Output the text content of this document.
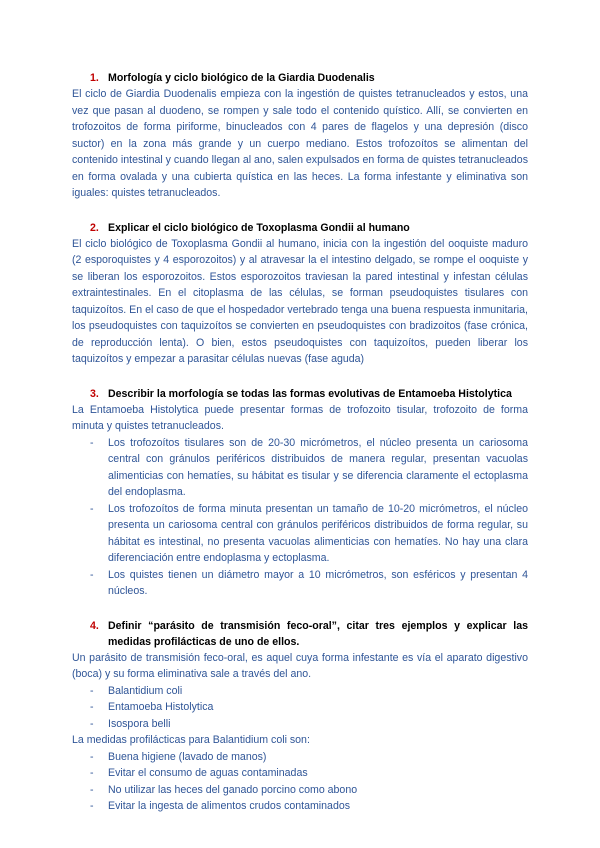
1. Morfología y ciclo biológico de la Giardia Duodenalis

El ciclo de Giardia Duodenalis empieza con la ingestión de quistes tetranucleados y estos, una vez que pasan al duodeno, se rompen y sale todo el contenido quístico. Allí, se convierten en trofozoitos de forma piriforme, binucleados con 4 pares de flagelos y una depresión (disco suctor) en la zona más grande y un cuerpo mediano. Estos trofozoítos se alimentan del contenido intestinal y cuando llegan al ano, salen expulsados en forma de quistes tetranucleados en forma ovalada y una cubierta quística en las heces. La forma infestante y eliminativa son iguales: quistes tetranucleados.

2. Explicar el ciclo biológico de Toxoplasma Gondii al humano

El ciclo biológico de Toxoplasma Gondii al humano, inicia con la ingestión del ooquiste maduro (2 esporoquistes y 4 esporozoitos) y al atravesar la el intestino delgado, se rompe el ooquiste y se liberan los esporozoitos. Estos esporozoitos traviesan la pared intestinal y infestan células extraintestinales. En el citoplasma de las células, se forman pseudoquistes tisulares con taquizoítos. En el caso de que el hospedador vertebrado tenga una buena respuesta inmunitaria, los pseudoquistes con taquizoítos se convierten en pseudoquistes con bradizoitos (fase crónica, de reproducción lenta). O bien, estos pseudoquistes con taquizoítos, pueden liberar los taquizoítos y empezar a parasitar células nuevas (fase aguda)

3. Describir la morfología se todas las formas evolutivas de Entamoeba Histolytica

La Entamoeba Histolytica puede presentar formas de trofozoito tisular, trofozoito de forma minuta y quistes tetranucleados.

- Los trofozoítos tisulares son de 20-30 micrómetros, el núcleo presenta un cariosoma central con gránulos periféricos distribuidos de manera regular, presentan vacuolas alimenticias con hematíes, su hábitat es tisular y se diferencia claramente el ectoplasma del endoplasma.
- Los trofozoítos de forma minuta presentan un tamaño de 10-20 micrómetros, el núcleo presenta un cariosoma central con gránulos periféricos distribuidos de forma regular, su hábitat es intestinal, no presenta vacuolas alimenticias con hematíes. No hay una clara diferenciación entre endoplasma y ectoplasma.
- Los quistes tienen un diámetro mayor a 10 micrómetros, son esféricos y presentan 4 núcleos.
4. Definir “parásito de transmisión feco-oral”, citar tres ejemplos y explicar las medidas profilácticas de uno de ellos.

Un parásito de transmisión feco-oral, es aquel cuya forma infestante es vía el aparato digestivo (boca) y su forma eliminativa sale a través del ano.

- Balantidium coli
- Entamoeba Histolytica
- Isospora belli

La medidas profilácticas para Balantidium coli son:

- Buena higiene (lavado de manos)
- Evitar el consumo de aguas contaminadas
- No utilizar las heces del ganado porcino como abono
- Evitar la ingesta de alimentos crudos contaminados
